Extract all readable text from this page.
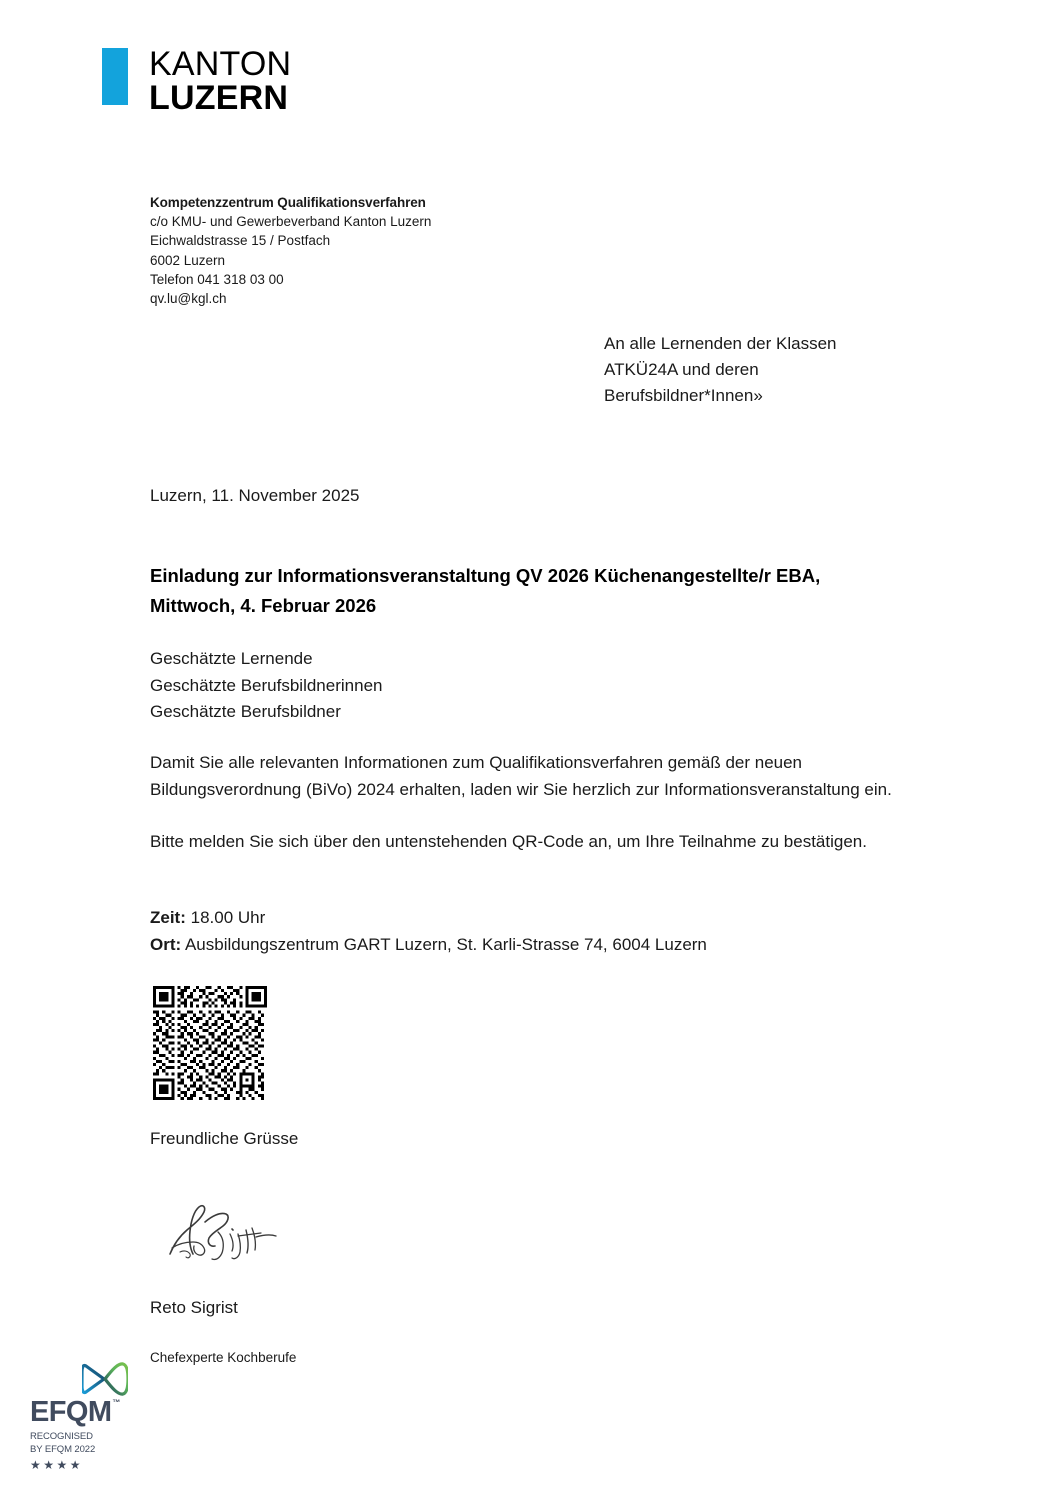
KANTON
LUZERN
Kompetenzzentrum Qualifikationsverfahren
c/o KMU- und Gewerbeverband Kanton Luzern
Eichwaldstrasse 15 / Postfach
6002 Luzern
Telefon 041 318 03 00
qv.lu@kgl.ch
An alle Lernenden der Klassen
ATKÜ24A und deren
Berufsbildner*Innen»
Luzern, 11. November 2025
Einladung zur Informationsveranstaltung QV 2026 Küchenangestellte/r EBA,
Mittwoch, 4. Februar 2026
Geschätzte Lernende
Geschätzte Berufsbildnerinnen
Geschätzte Berufsbildner
Damit Sie alle relevanten Informationen zum Qualifikationsverfahren gemäß der neuen Bildungsverordnung (BiVo) 2024 erhalten, laden wir Sie herzlich zur Informationsveranstaltung ein.
Bitte melden Sie sich über den untenstehenden QR-Code an, um Ihre Teilnahme zu bestätigen.
Zeit: 18.00 Uhr
Ort: Ausbildungszentrum GART Luzern, St. Karli-Strasse 74, 6004 Luzern
Freundliche Grüsse
Reto Sigrist
Chefexperte Kochberufe
EFQM ™
RECOGNISED
BY EFQM 2022
★★★★
